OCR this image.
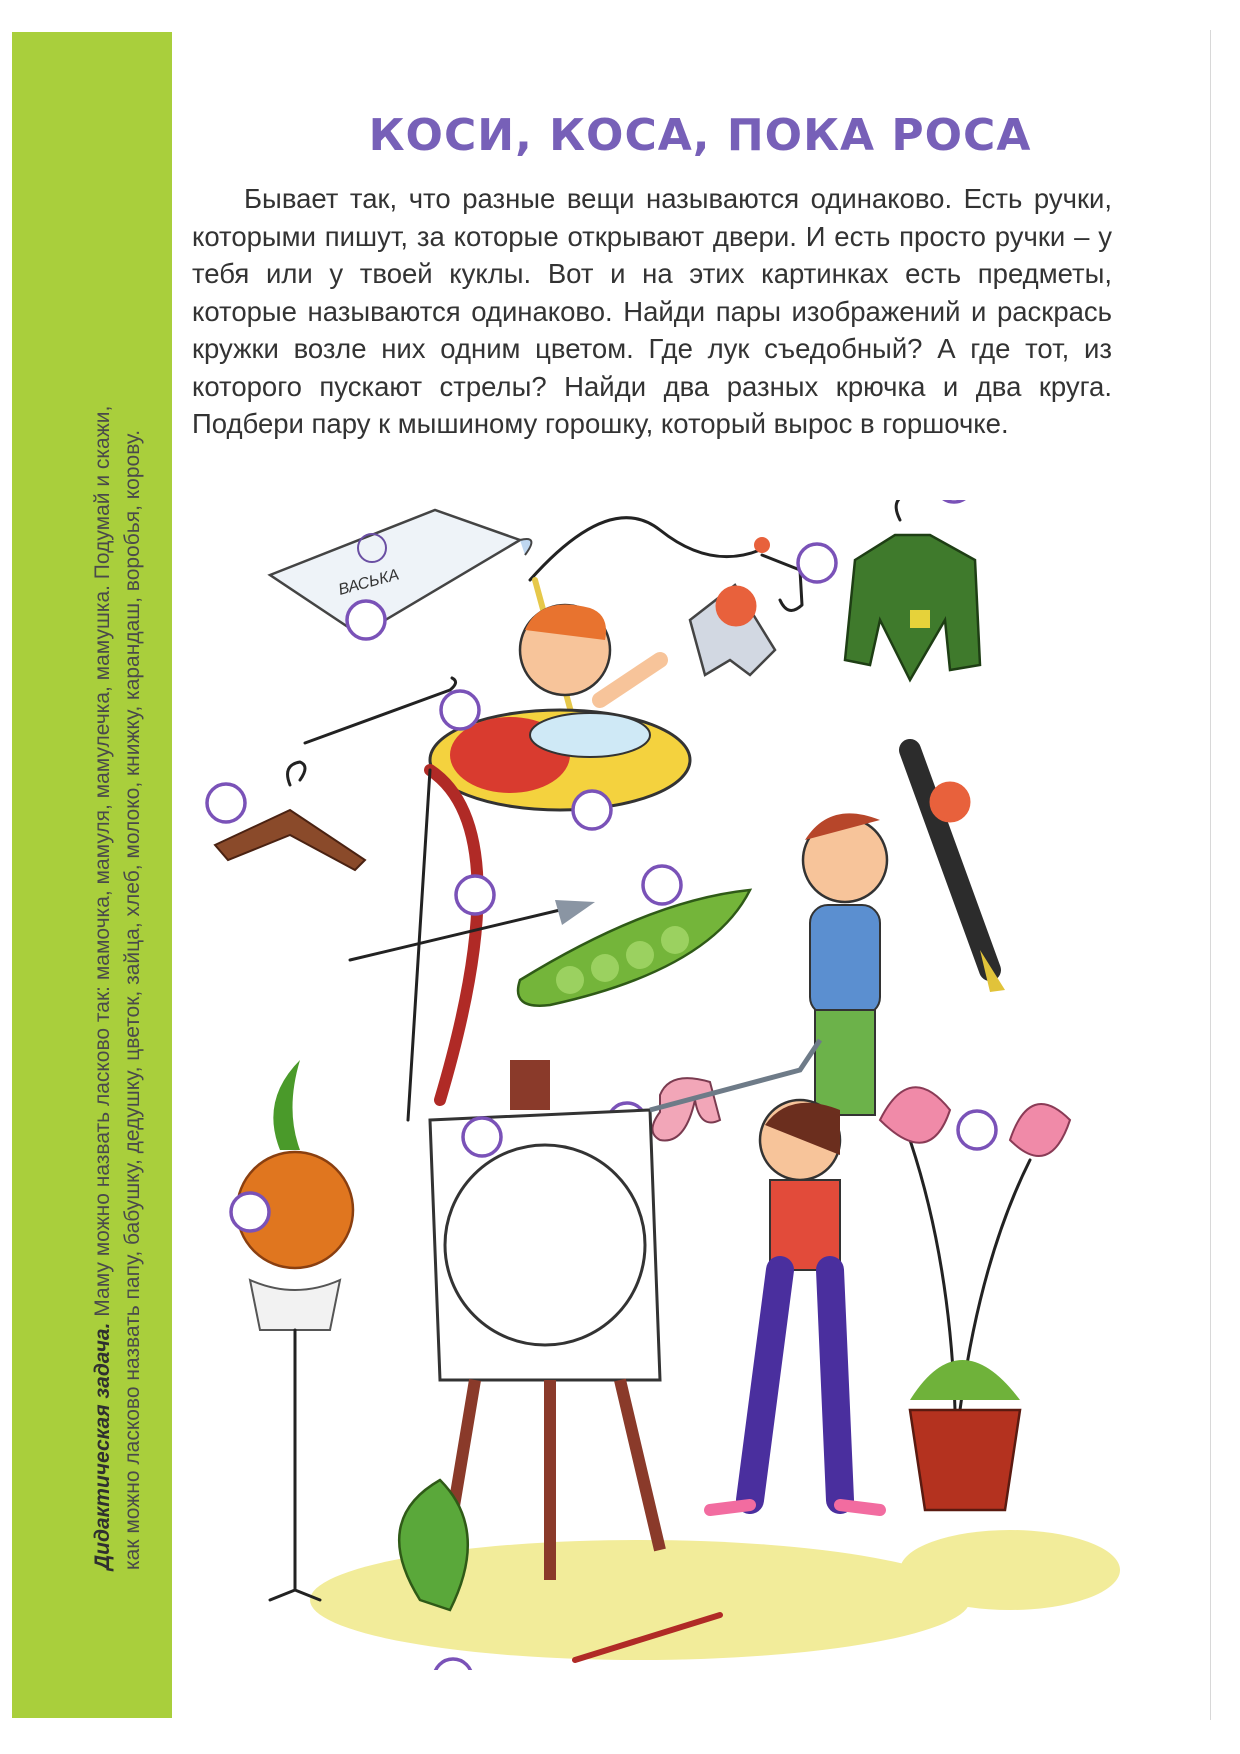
Дидактическая задача. Маму можно назвать ласково так: мамочка, мамуля, мамулечка, мамушка. Подумай и скажи, как можно ласково назвать папу, бабушку, дедушку, цветок, зайца, хлеб, молоко, книжку, карандаш, воробья, корову.
КОСИ, КОСА, ПОКА РОСА
Бывает так, что разные вещи называются одинаково. Есть ручки, которыми пишут, за которые открывают двери. И есть просто ручки – у тебя или у твоей куклы. Вот и на этих картинках есть предметы, которые называются одинаково. Найди пары изображений и раскрась кружки возле них одним цветом. Где лук съедобный? А где тот, из которого пускают стрелы? Найди два разных крючка и два круга. Подбери пару к мышиному горошку, который вырос в горшочке.
ВАСЬКА
